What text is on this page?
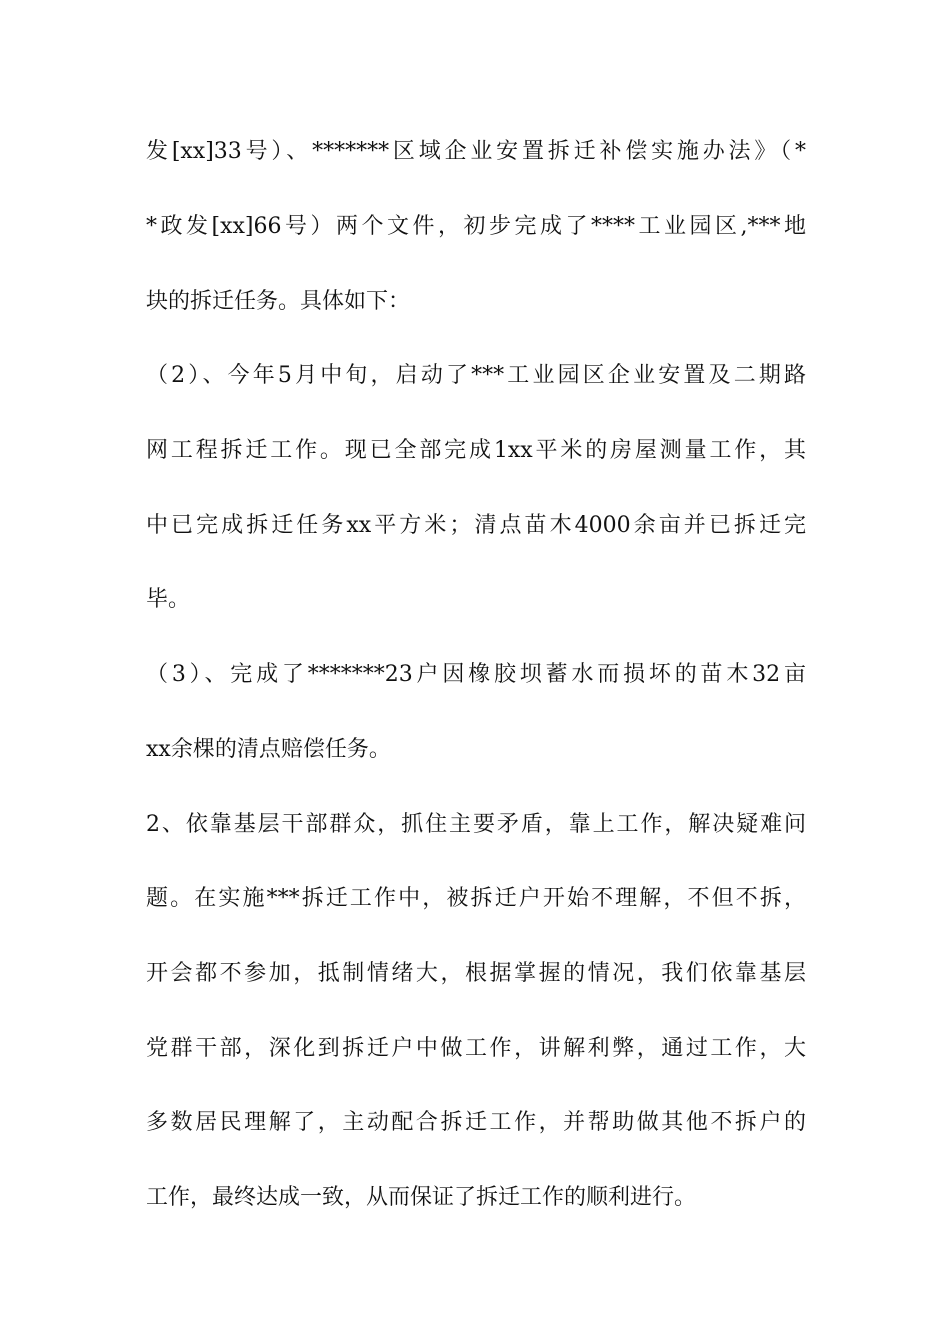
发[xx]33号）、*******区域企业安置拆迁补偿实施办法》（*
*政发[xx]66号）两个文件，初步完成了****工业园区,***地
块的拆迁任务。具体如下：
（2）、今年5月中旬，启动了***工业园区企业安置及二期路
网工程拆迁工作。现已全部完成1xx平米的房屋测量工作，其
中已完成拆迁任务xx平方米；清点苗木4000余亩并已拆迁完
毕。
（3）、完成了*******23户因橡胶坝蓄水而损坏的苗木32亩
xx余棵的清点赔偿任务。
2、依靠基层干部群众，抓住主要矛盾，靠上工作，解决疑难问
题。在实施***拆迁工作中，被拆迁户开始不理解，不但不拆，
开会都不参加，抵制情绪大，根据掌握的情况，我们依靠基层
党群干部，深化到拆迁户中做工作，讲解利弊，通过工作，大
多数居民理解了，主动配合拆迁工作，并帮助做其他不拆户的
工作，最终达成一致，从而保证了拆迁工作的顺利进行。
